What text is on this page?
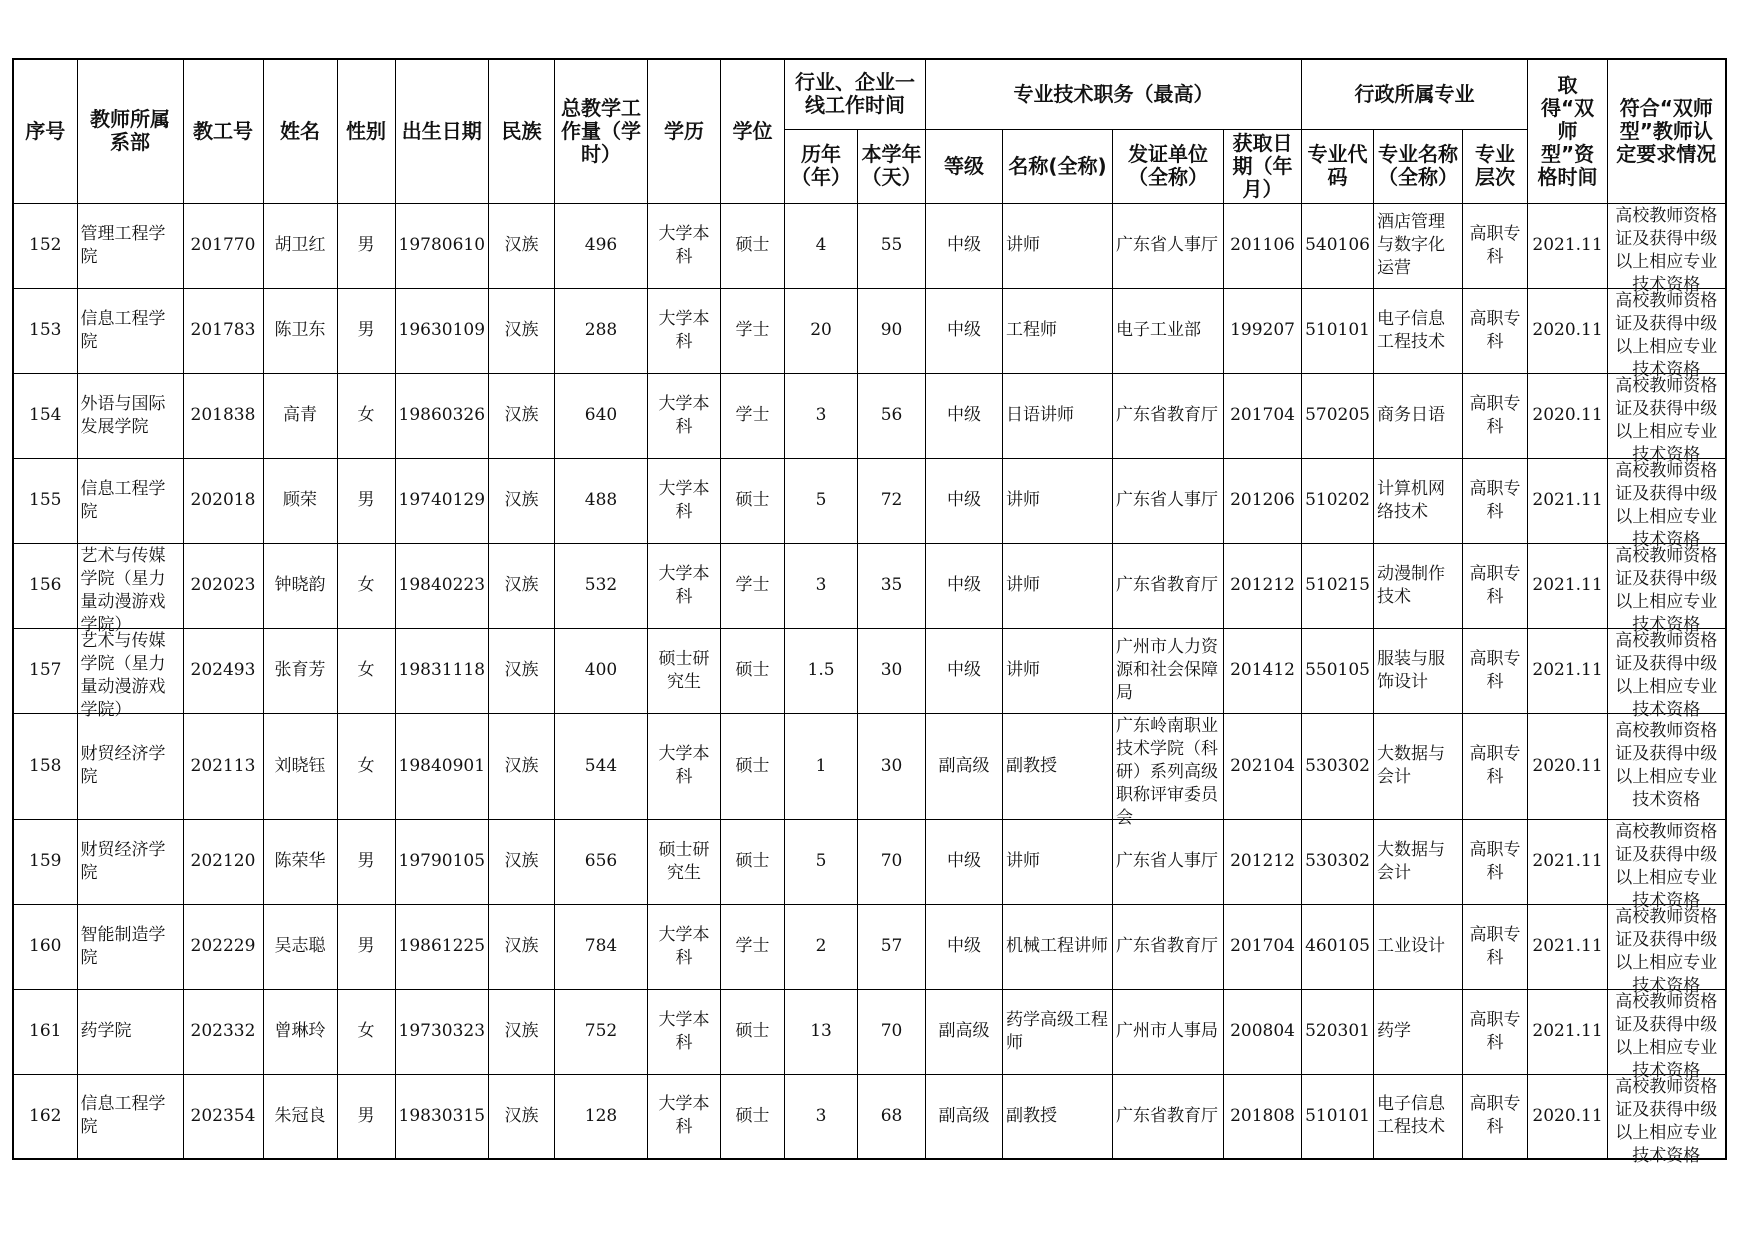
序号	教师所属系部	教工号	姓名	性别	出生日期	民族	总教学工作量（学时）	学历	学位	行业、企业一线工作时间		专业技术职务（最高）				行政所属专业			取得“双师型”资格时间	符合“双师型”教师认定要求情况

										历年（年）	本学年（天）	等级	名称(全称)	发证单位（全称）	获取日期（年月）	专业代码	专业名称（全称）	专业层次		

152	管理工程学院	201770	胡卫红	男	19780610	汉族	496	大学本科	硕士	4	55	中级	讲师	广东省人事厅	201106	540106	酒店管理与数字化运营	高职专科	2021.11	高校教师资格证及获得中级以上相应专业技术资格

153	信息工程学院	201783	陈卫东	男	19630109	汉族	288	大学本科	学士	20	90	中级	工程师	电子工业部	199207	510101	电子信息工程技术	高职专科	2020.11	高校教师资格证及获得中级以上相应专业技术资格

154	外语与国际发展学院	201838	高青	女	19860326	汉族	640	大学本科	学士	3	56	中级	日语讲师	广东省教育厅	201704	570205	商务日语	高职专科	2020.11	高校教师资格证及获得中级以上相应专业技术资格

155	信息工程学院	202018	顾荣	男	19740129	汉族	488	大学本科	硕士	5	72	中级	讲师	广东省人事厅	201206	510202	计算机网络技术	高职专科	2021.11	高校教师资格证及获得中级以上相应专业技术资格

156	艺术与传媒学院（星力量动漫游戏学院）	202023	钟晓韵	女	19840223	汉族	532	大学本科	学士	3	35	中级	讲师	广东省教育厅	201212	510215	动漫制作技术	高职专科	2021.11	高校教师资格证及获得中级以上相应专业技术资格

157	艺术与传媒学院（星力量动漫游戏学院）	202493	张育芳	女	19831118	汉族	400	硕士研究生	硕士	1.5	30	中级	讲师	广州市人力资源和社会保障局	201412	550105	服装与服饰设计	高职专科	2021.11	高校教师资格证及获得中级以上相应专业技术资格

158	财贸经济学院	202113	刘晓钰	女	19840901	汉族	544	大学本科	硕士	1	30	副高级	副教授	广东岭南职业技术学院（科研）系列高级职称评审委员会	202104	530302	大数据与会计	高职专科	2020.11	高校教师资格证及获得中级以上相应专业技术资格

159	财贸经济学院	202120	陈荣华	男	19790105	汉族	656	硕士研究生	硕士	5	70	中级	讲师	广东省人事厅	201212	530302	大数据与会计	高职专科	2021.11	高校教师资格证及获得中级以上相应专业技术资格

160	智能制造学院	202229	吴志聪	男	19861225	汉族	784	大学本科	学士	2	57	中级	机械工程讲师	广东省教育厅	201704	460105	工业设计	高职专科	2021.11	高校教师资格证及获得中级以上相应专业技术资格

161	药学院	202332	曾琳玲	女	19730323	汉族	752	大学本科	硕士	13	70	副高级	药学高级工程师	广州市人事局	200804	520301	药学	高职专科	2021.11	高校教师资格证及获得中级以上相应专业技术资格

162	信息工程学院	202354	朱冠良	男	19830315	汉族	128	大学本科	硕士	3	68	副高级	副教授	广东省教育厅	201808	510101	电子信息工程技术	高职专科	2020.11	高校教师资格证及获得中级以上相应专业技术资格
